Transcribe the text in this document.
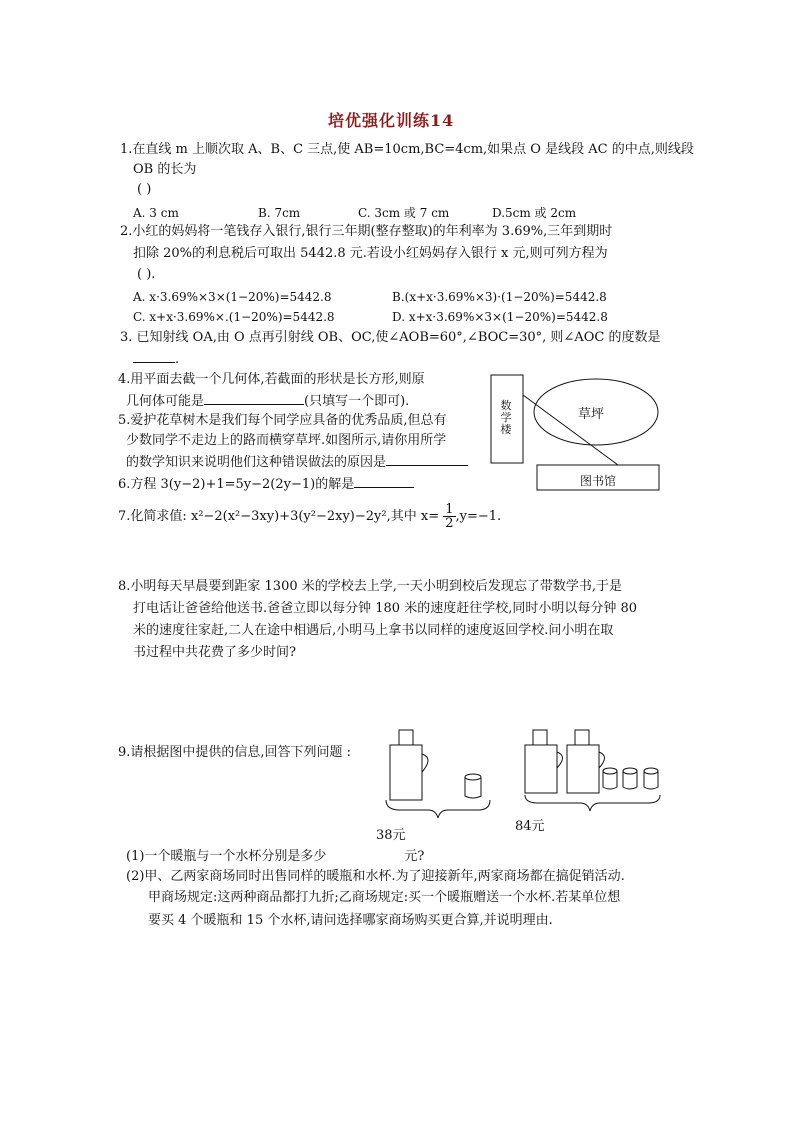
培优强化训练14
1.在直线 m 上顺次取 A、B、C 三点,使 AB=10cm,BC=4cm,如果点 O 是线段 AC 的中点,则线段
OB 的长为
( )
A. 3 cm	B. 7cm	C. 3cm 或 7 cm	D.5cm 或 2cm
2.小红的妈妈将一笔钱存入银行,银行三年期(整存整取)的年利率为 3.69%,三年到期时
扣除 20%的利息税后可取出 5442.8 元.若设小红妈妈存入银行 x 元,则可列方程为
( ).
A. x·3.69%×3×(1−20%)=5442.8	B.(x+x·3.69%×3)·(1−20%)=5442.8
C. x+x·3.69%×.(1−20%)=5442.8	D. x+x·3.69%×3×(1−20%)=5442.8
3. 已知射线 OA,由 O 点再引射线 OB、OC,使∠AOB=60°,∠BOC=30°, 则∠AOC 的度数是
.
4.用平面去截一个几何体,若截面的形状是长方形,则原
几何体可能是	(只填写一个即可).
5.爱护花草树木是我们每个同学应具备的优秀品质,但总有
少数同学不走边上的路而横穿草坪.如图所示,请你用所学
的数学知识来说明他们这种错误做法的原因是
数学楼
草坪
图书馆
6.方程 3(y−2)+1=5y−2(2y−1)的解是
7.化简求值: x²−2(x²−3xy)+3(y²−2xy)−2y²,其中 $x= \frac{1}{2} ,y=-1$.
8.小明每天早晨要到距家 1300 米的学校去上学,一天小明到校后发现忘了带数学书,于是
打电话让爸爸给他送书.爸爸立即以每分钟 180 米的速度赶往学校,同时小明以每分钟 80
米的速度往家赶,二人在途中相遇后,小明马上拿书以同样的速度返回学校.问小明在取
书过程中共花费了多少时间?
9.请根据图中提供的信息,回答下列问题 :
38元
84元
(1)一个暖瓶与一个水杯分别是多少	元?
(2)甲、乙两家商场同时出售同样的暖瓶和水杯.为了迎接新年,两家商场都在搞促销活动.
甲商场规定:这两种商品都打九折;乙商场规定:买一个暖瓶赠送一个水杯.若某单位想
要买 4 个暖瓶和 15 个水杯,请问选择哪家商场购买更合算,并说明理由.
